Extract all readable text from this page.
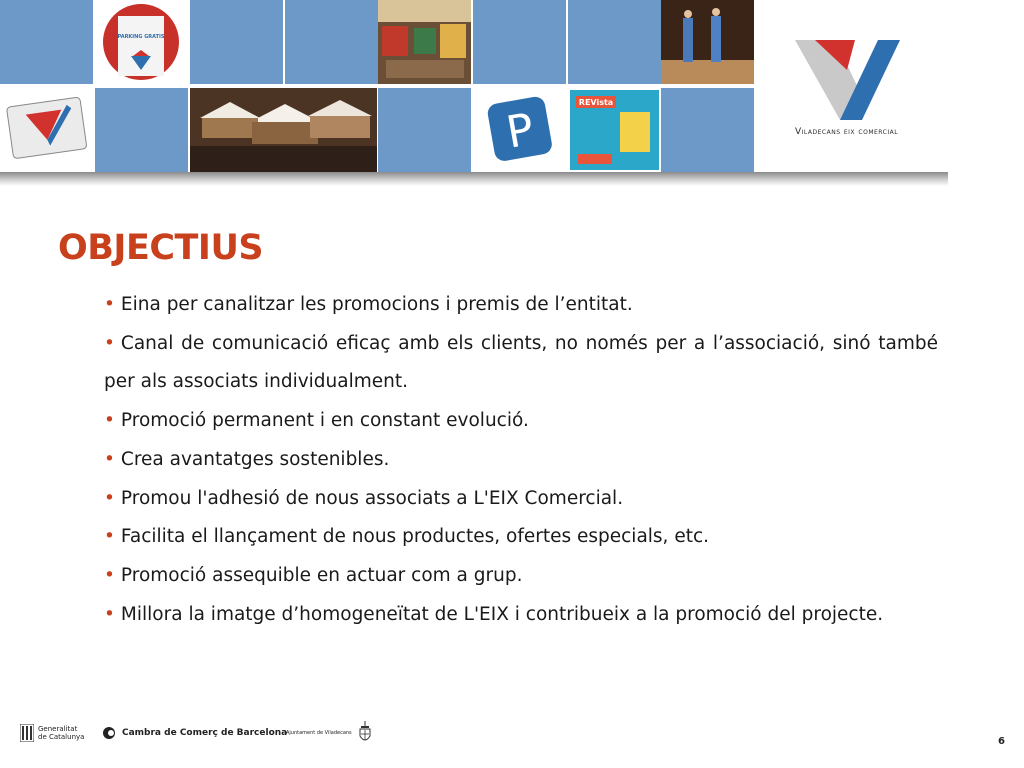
PARKING GRATIS
P
REVista
Viladecans eix comercial
OBJECTIUS

• Eina per canalitzar les promocions i premis de l’entitat.

• Canal de comunicació eficaç amb els clients, no només per a l’associació, sinó també per als associats individualment.

• Promoció permanent i en constant evolució.

• Crea avantatges sostenibles.

• Promou l'adhesió de nous associats a L'EIX Comercial.

• Facilita el llançament de nous productes, ofertes especials, etc.

• Promoció assequible en actuar com a grup.

• Millora la imatge d’homogeneïtat de L'EIX i contribueix a la promoció del projecte.

Generalitat
de Catalunya	Cambra de Comerç de Barcelona
Ajuntament de Viladecans
6
